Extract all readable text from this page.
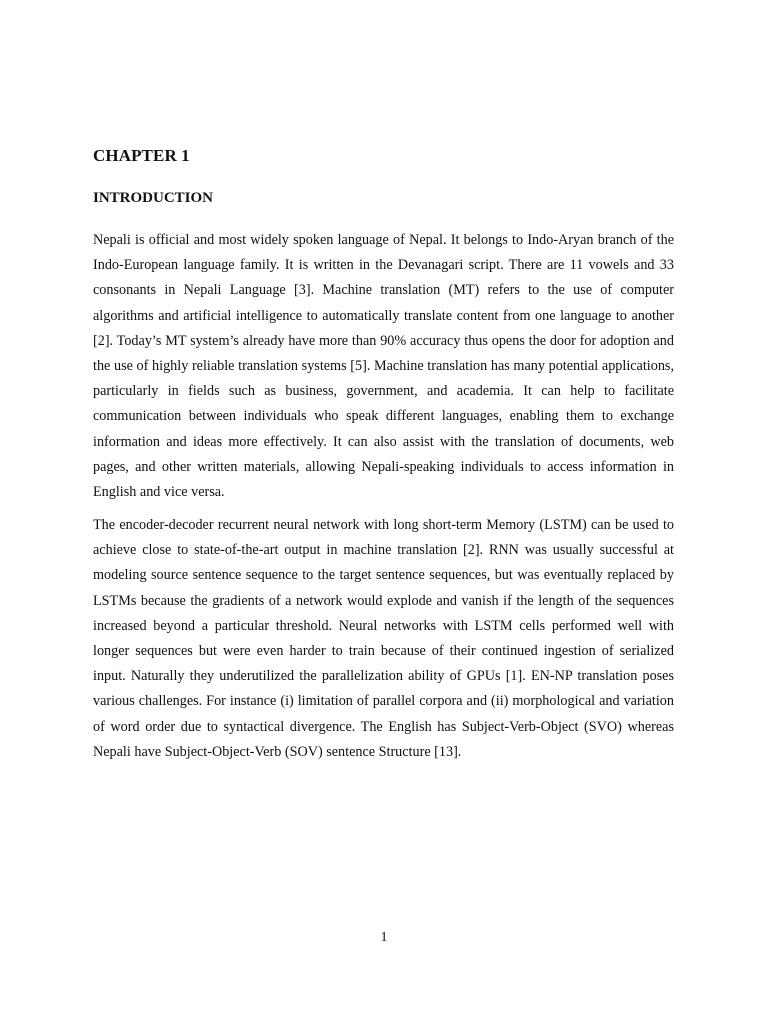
CHAPTER 1
INTRODUCTION

Nepali is official and most widely spoken language of Nepal. It belongs to Indo-Aryan branch of the Indo-European language family. It is written in the Devanagari script. There are 11 vowels and 33 consonants in Nepali Language [3]. Machine translation (MT) refers to the use of computer algorithms and artificial intelligence to automatically translate content from one language to another [2]. Today’s MT system’s already have more than 90% accuracy thus opens the door for adoption and the use of highly reliable translation systems [5]. Machine translation has many potential applications, particularly in fields such as business, government, and academia. It can help to facilitate communication between individuals who speak different languages, enabling them to exchange information and ideas more effectively. It can also assist with the translation of documents, web pages, and other written materials, allowing Nepali-speaking individuals to access information in English and vice versa.

The encoder-decoder recurrent neural network with long short-term Memory (LSTM) can be used to achieve close to state-of-the-art output in machine translation [2]. RNN was usually successful at modeling source sentence sequence to the target sentence sequences, but was eventually replaced by LSTMs because the gradients of a network would explode and vanish if the length of the sequences increased beyond a particular threshold. Neural networks with LSTM cells performed well with longer sequences but were even harder to train because of their continued ingestion of serialized input. Naturally they underutilized the parallelization ability of GPUs [1]. EN-NP translation poses various challenges. For instance (i) limitation of parallel corpora and (ii) morphological and variation of word order due to syntactical divergence. The English has Subject-Verb-Object (SVO) whereas Nepali have Subject-Object-Verb (SOV) sentence Structure [13].

1
